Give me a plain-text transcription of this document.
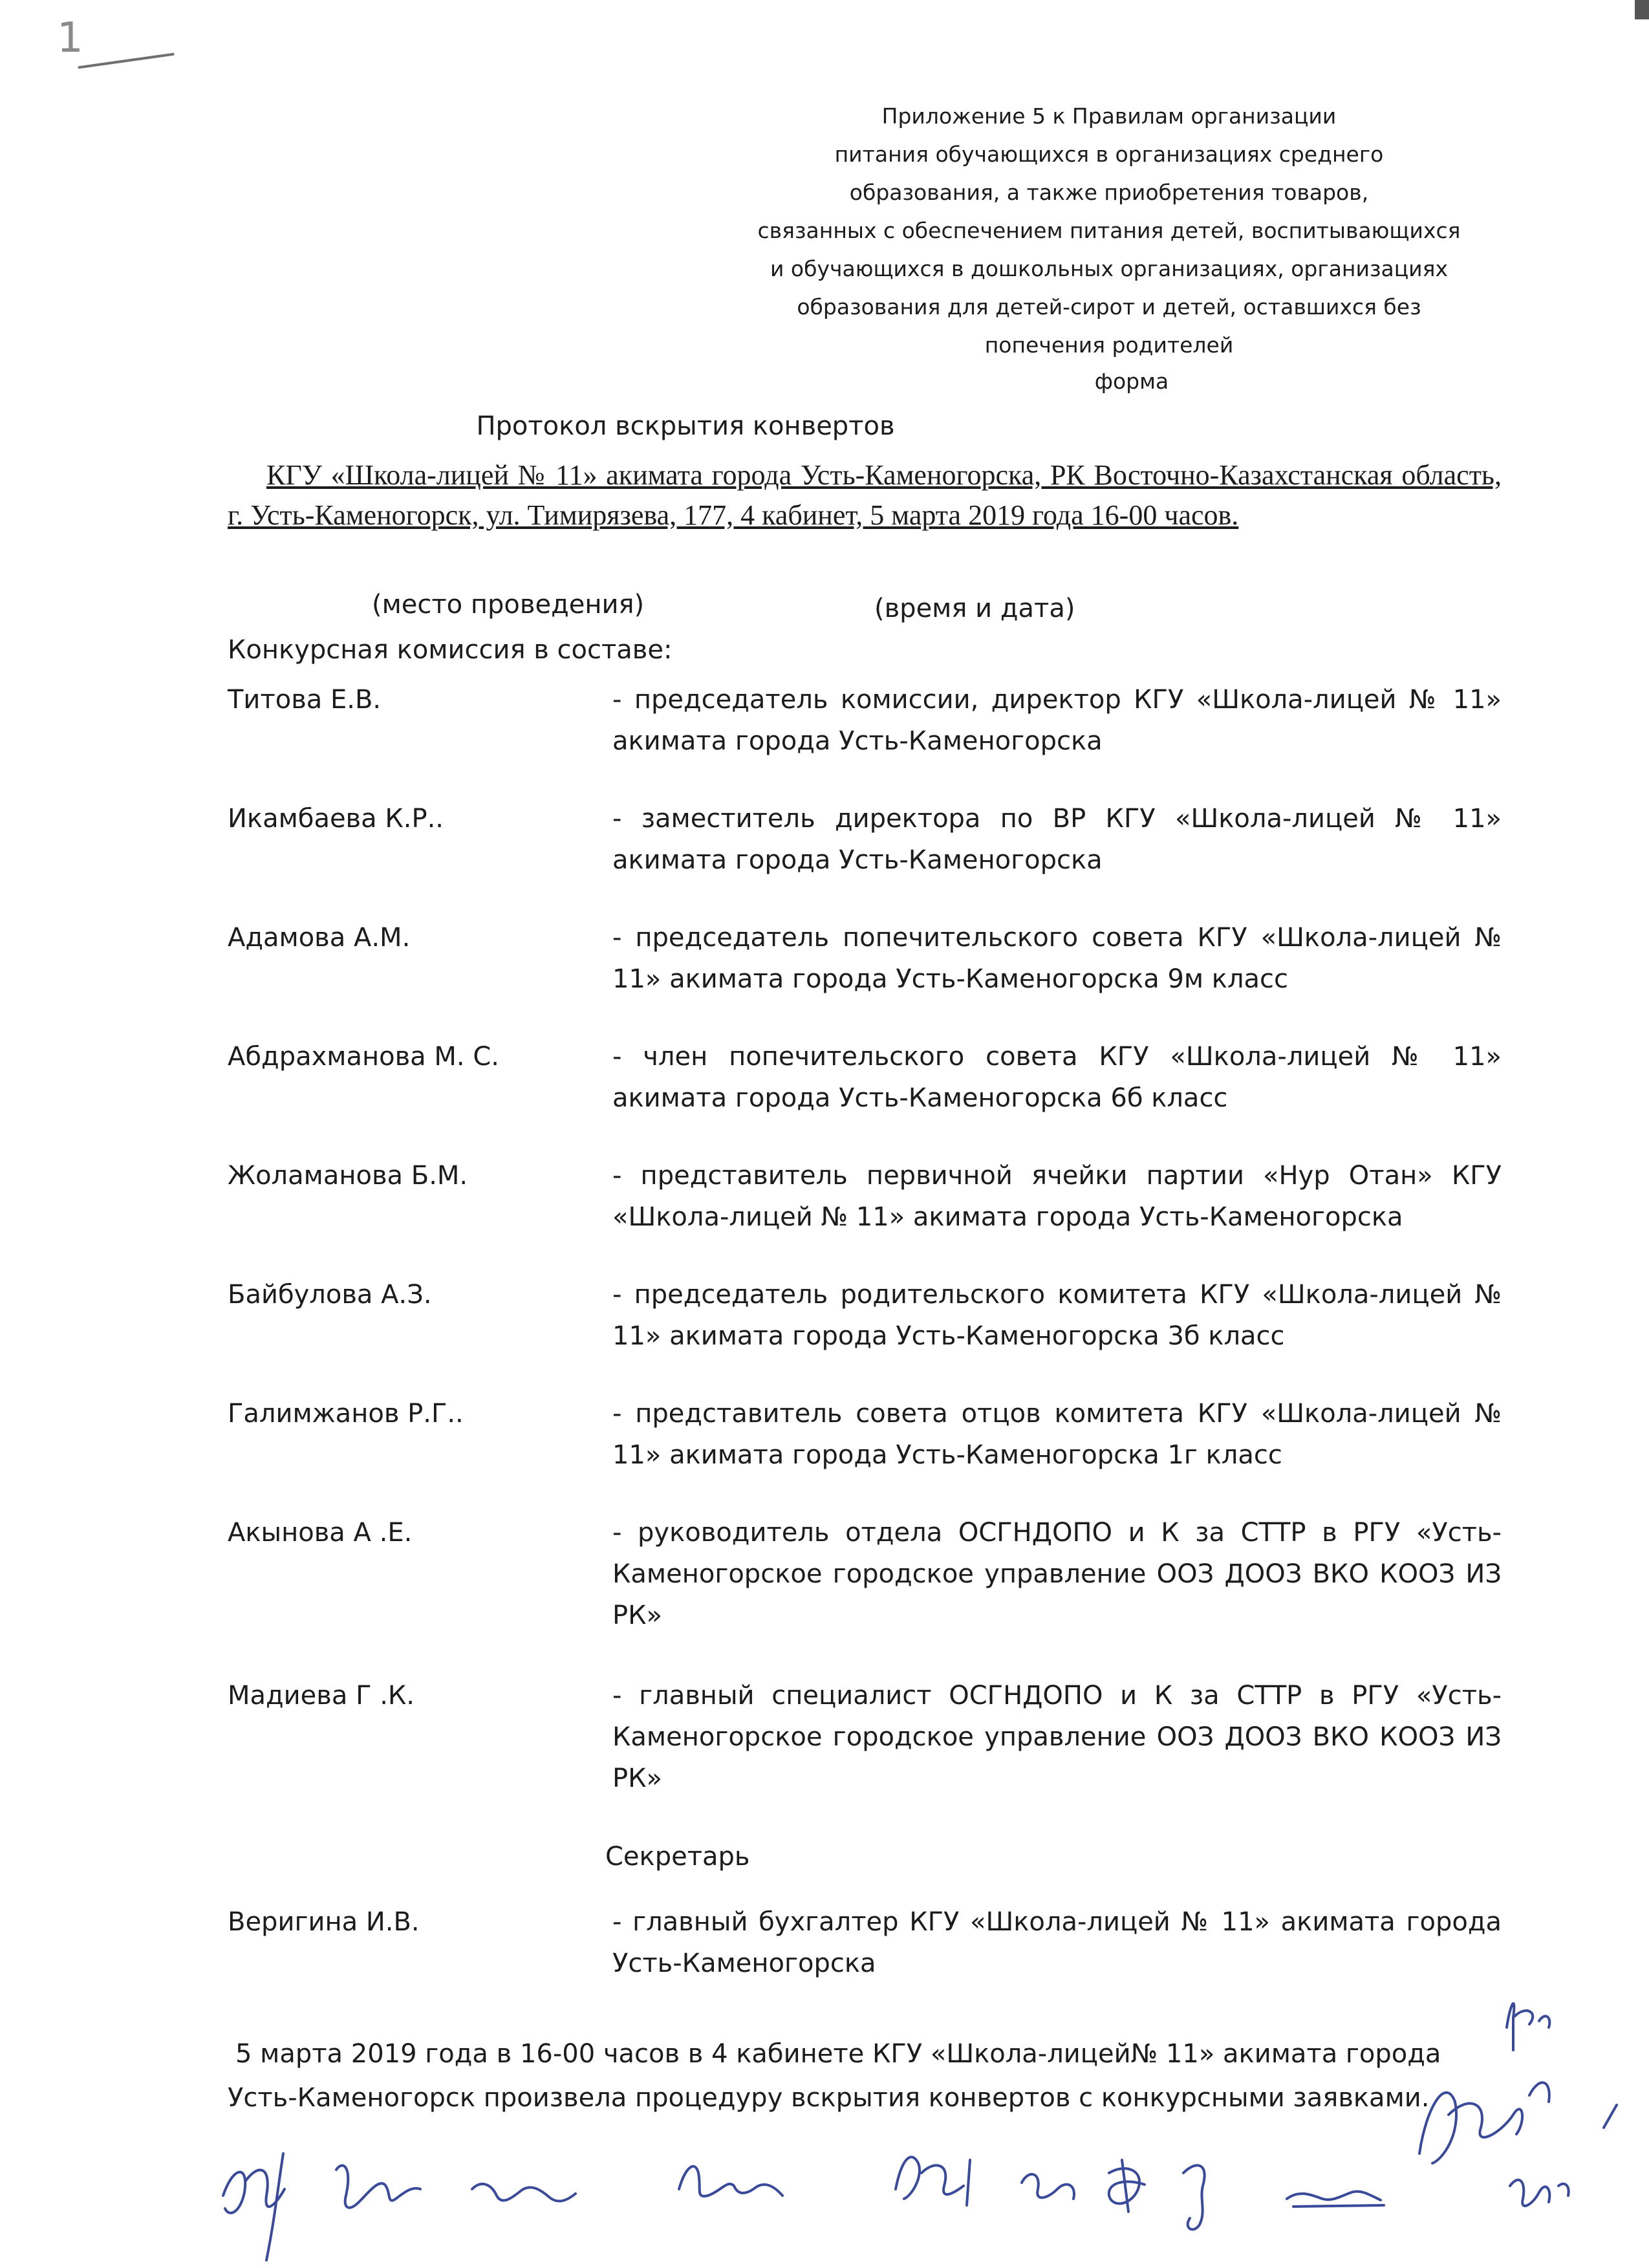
1
Приложение 5 к Правилам организации
питания обучающихся в организациях среднего
образования, а также приобретения товаров,
связанных с обеспечением питания детей, воспитывающихся
и обучающихся в дошкольных организациях, организациях
образования для детей-сирот и детей, оставшихся без
попечения родителей
форма
Протокол вскрытия конвертов
КГУ «Школа-лицей № 11» акимата города Усть-Каменогорска, РК Восточно-Казахстанская область, г. Усть-Каменогорск, ул. Тимирязева, 177, 4 кабинет, 5 марта 2019 года 16-00 часов.
(место проведения)	(время и дата)
Конкурсная комиссия в составе:
Титова Е.В.	- председатель комиссии, директор КГУ «Школа-лицей № 11» акимата города Усть-Каменогорска
Икамбаева К.Р..	- заместитель директора по ВР КГУ «Школа-лицей № 11» акимата города Усть-Каменогорска
Адамова А.М.	- председатель попечительского совета КГУ «Школа-лицей № 11» акимата города Усть-Каменогорска 9м класс
Абдрахманова М. С.	- член попечительского совета КГУ «Школа-лицей № 11» акимата города Усть-Каменогорска 6б класс
Жоламанова Б.М.	- представитель первичной ячейки партии «Нур Отан» КГУ «Школа-лицей № 11» акимата города Усть-Каменогорска
Байбулова А.З.	- председатель родительского комитета КГУ «Школа-лицей № 11» акимата города Усть-Каменогорска 3б класс
Галимжанов Р.Г..	- представитель совета отцов комитета КГУ «Школа-лицей № 11» акимата города Усть-Каменогорска 1г класс
Акынова А .Е.	- руководитель отдела ОСГНДОПО и К за СТТР в РГУ «Усть-Каменогорское городское управление ООЗ ДООЗ ВКО КООЗ ИЗ РК»
Мадиева Г .К.	- главный специалист ОСГНДОПО и К за СТТР в РГУ «Усть-Каменогорское городское управление ООЗ ДООЗ ВКО КООЗ ИЗ РК»
Секретарь
Веригина И.В.	- главный бухгалтер КГУ «Школа-лицей № 11» акимата города Усть-Каменогорска
5 марта 2019 года в 16-00 часов в 4 кабинете КГУ «Школа-лицей№ 11» акимата города
Усть-Каменогорск произвела процедуру вскрытия конвертов с конкурсными заявками.
